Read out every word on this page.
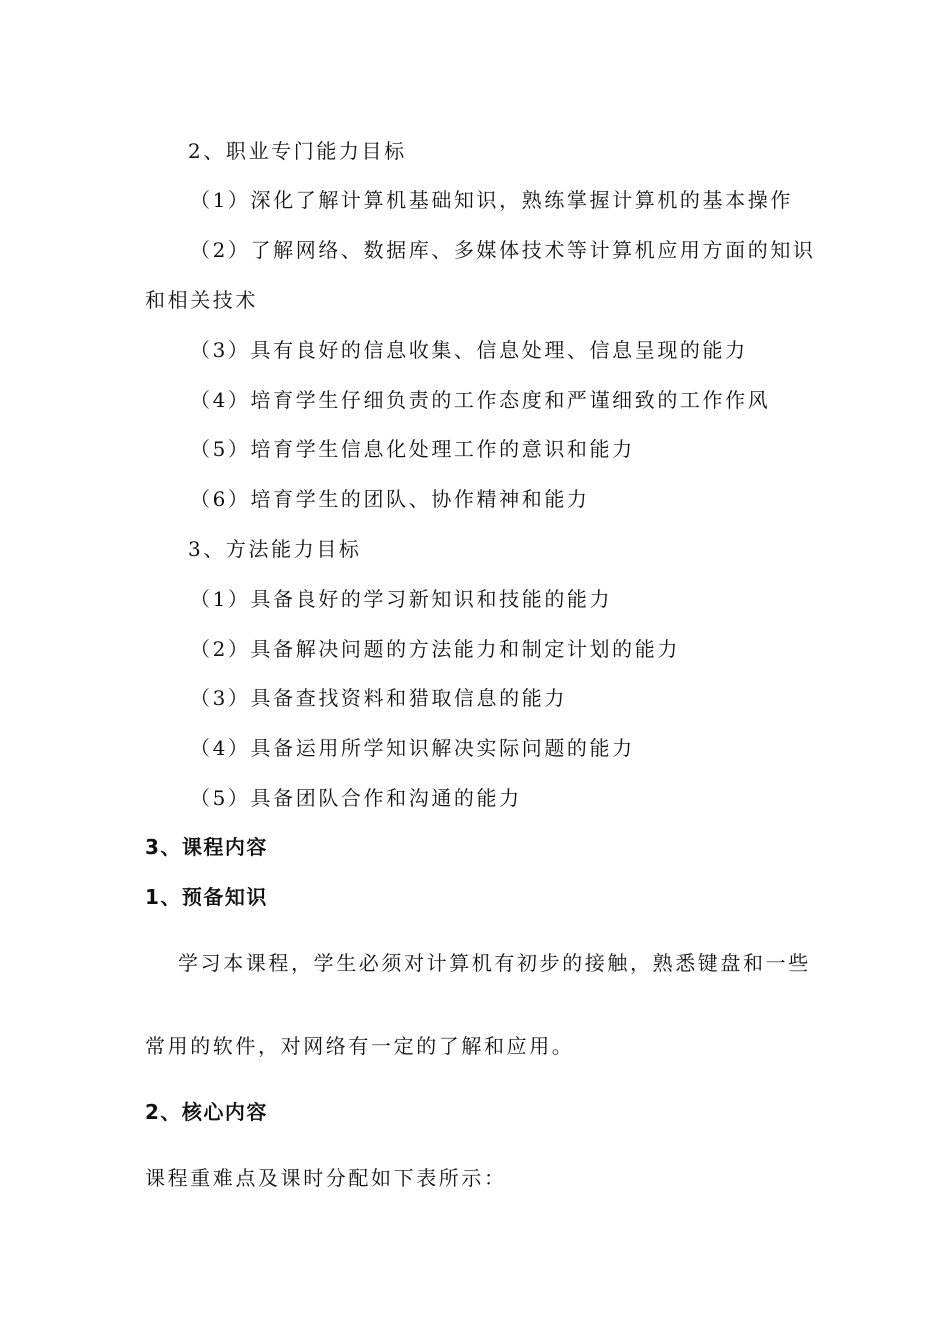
2、职业专门能力目标
（1）深化了解计算机基础知识，熟练掌握计算机的基本操作
（2）了解网络、数据库、多媒体技术等计算机应用方面的知识
和相关技术
（3）具有良好的信息收集、信息处理、信息呈现的能力
（4）培育学生仔细负责的工作态度和严谨细致的工作作风
（5）培育学生信息化处理工作的意识和能力
（6）培育学生的团队、协作精神和能力
3、方法能力目标
（1）具备良好的学习新知识和技能的能力
（2）具备解决问题的方法能力和制定计划的能力
（3）具备查找资料和猎取信息的能力
（4）具备运用所学知识解决实际问题的能力
（5）具备团队合作和沟通的能力
3、课程内容
1、预备知识
学习本课程，学生必须对计算机有初步的接触，熟悉键盘和一些
常用的软件，对网络有一定的了解和应用。
2、核心内容
课程重难点及课时分配如下表所示：
